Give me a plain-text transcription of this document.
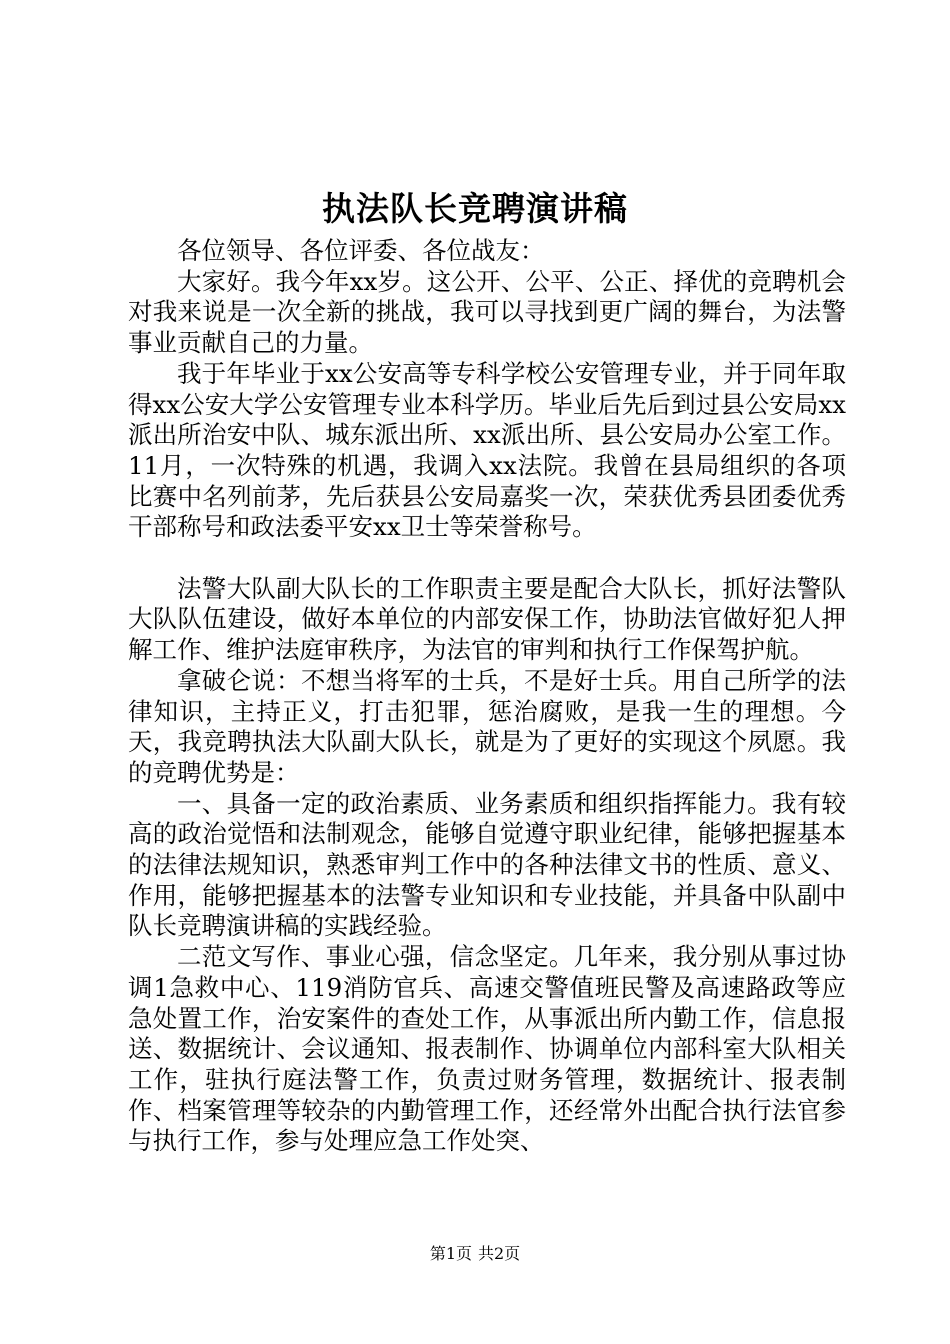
执法队长竞聘演讲稿

各位领导、各位评委、各位战友：

大家好。我今年xx岁。这公开、公平、公正、择优的竞聘机会对我来说是一次全新的挑战，我可以寻找到更广阔的舞台，为法警事业贡献自己的力量。

我于年毕业于xx公安高等专科学校公安管理专业，并于同年取得xx公安大学公安管理专业本科学历。毕业后先后到过县公安局xx派出所治安中队、城东派出所、xx派出所、县公安局办公室工作。11月，一次特殊的机遇，我调入xx法院。我曾在县局组织的各项比赛中名列前茅，先后获县公安局嘉奖一次，荣获优秀县团委优秀干部称号和政法委平安xx卫士等荣誉称号。

法警大队副大队长的工作职责主要是配合大队长，抓好法警队大队队伍建设，做好本单位的内部安保工作，协助法官做好犯人押解工作、维护法庭审秩序，为法官的审判和执行工作保驾护航。

拿破仑说：不想当将军的士兵，不是好士兵。用自己所学的法律知识，主持正义，打击犯罪，惩治腐败，是我一生的理想。今天，我竞聘执法大队副大队长，就是为了更好的实现这个夙愿。我的竞聘优势是：

一、具备一定的政治素质、业务素质和组织指挥能力。我有较高的政治觉悟和法制观念，能够自觉遵守职业纪律，能够把握基本的法律法规知识，熟悉审判工作中的各种法律文书的性质、意义、作用，能够把握基本的法警专业知识和专业技能，并具备中队副中队长竞聘演讲稿的实践经验。

二范文写作、事业心强，信念坚定。几年来，我分别从事过协调1急救中心、119消防官兵、高速交警值班民警及高速路政等应急处置工作，治安案件的查处工作，从事派出所内勤工作，信息报送、数据统计、会议通知、报表制作、协调单位内部科室大队相关工作，驻执行庭法警工作，负责过财务管理，数据统计、报表制作、档案管理等较杂的内勤管理工作，还经常外出配合执行法官参与执行工作，参与处理应急工作处突、

第1页 共2页
